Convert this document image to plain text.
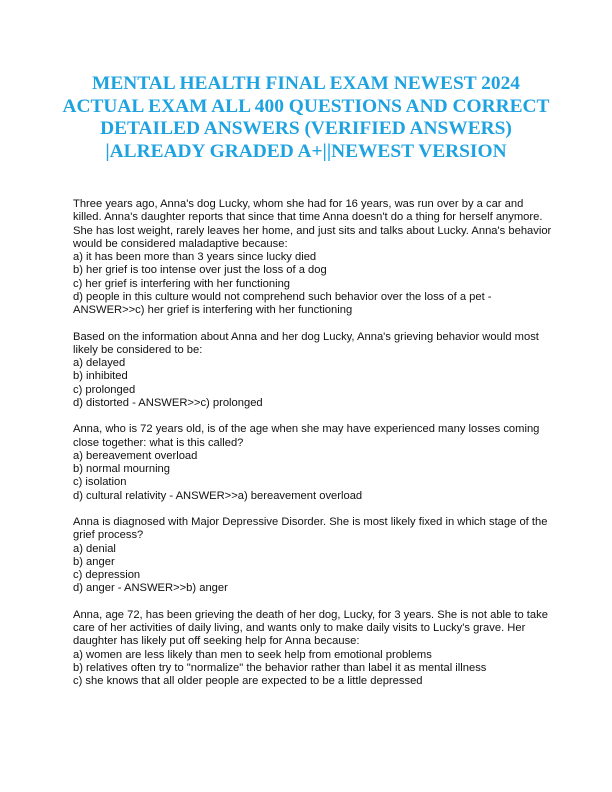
MENTAL HEALTH FINAL EXAM NEWEST 2024 ACTUAL EXAM ALL 400 QUESTIONS AND CORRECT DETAILED ANSWERS (VERIFIED ANSWERS) |ALREADY GRADED A+||NEWEST VERSION

Three years ago, Anna's dog Lucky, whom she had for 16 years, was run over by a car and killed. Anna's daughter reports that since that time Anna doesn't do a thing for herself anymore. She has lost weight, rarely leaves her home, and just sits and talks about Lucky. Anna's behavior would be considered maladaptive because:

a) it has been more than 3 years since lucky died

b) her grief is too intense over just the loss of a dog

c) her grief is interfering with her functioning

d) people in this culture would not comprehend such behavior over the loss of a pet - ANSWER>>c) her grief is interfering with her functioning

Based on the information about Anna and her dog Lucky, Anna's grieving behavior would most likely be considered to be:

a) delayed

b) inhibited

c) prolonged

d) distorted - ANSWER>>c) prolonged

Anna, who is 72 years old, is of the age when she may have experienced many losses coming close together: what is this called?

a) bereavement overload

b) normal mourning

c) isolation

d) cultural relativity - ANSWER>>a) bereavement overload

Anna is diagnosed with Major Depressive Disorder. She is most likely fixed in which stage of the grief process?

a) denial

b) anger

c) depression

d) anger - ANSWER>>b) anger

Anna, age 72, has been grieving the death of her dog, Lucky, for 3 years. She is not able to take care of her activities of daily living, and wants only to make daily visits to Lucky's grave. Her daughter has likely put off seeking help for Anna because:

a) women are less likely than men to seek help from emotional problems

b) relatives often try to "normalize" the behavior rather than label it as mental illness

c) she knows that all older people are expected to be a little depressed
